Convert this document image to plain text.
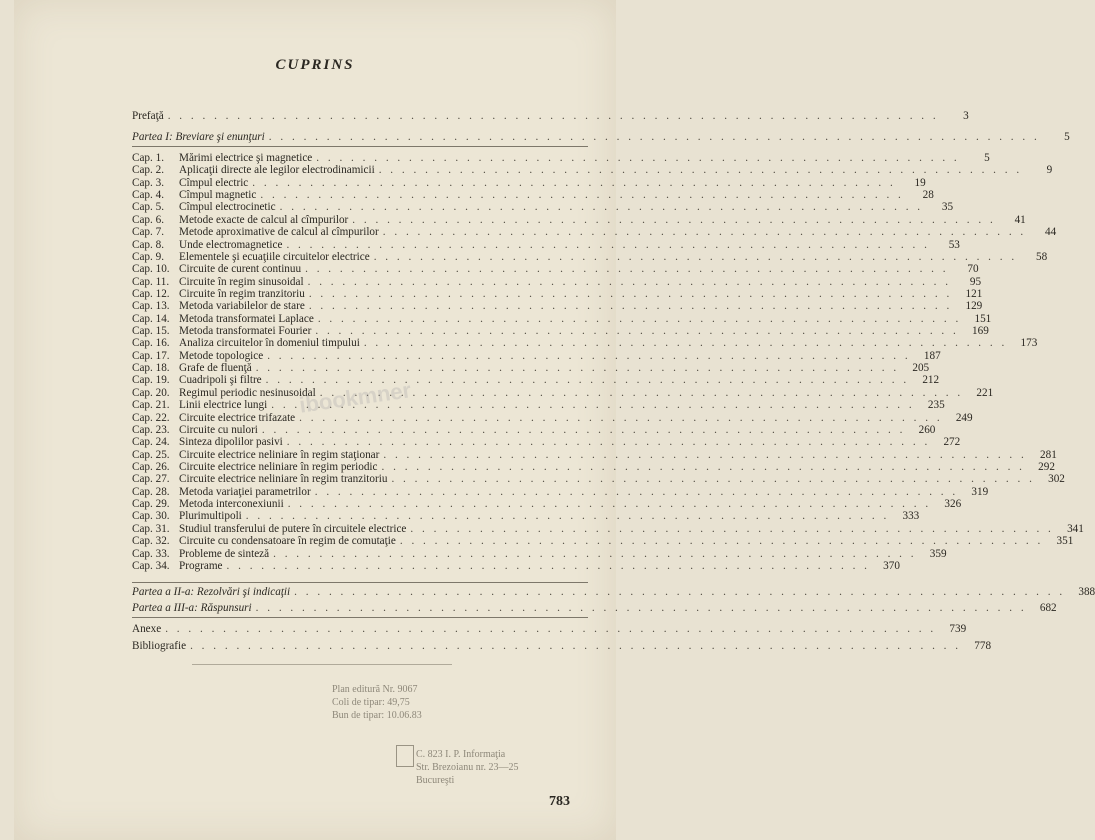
CUPRINS
Prefaţă . . .	3
Partea I: Breviare şi enunţuri . . .	5
Cap. 1.	Mărimi electrice şi magnetice . . .	5
Cap. 2.	Aplicaţii directe ale legilor electrodinamicii . . .	9
Cap. 3.	Cîmpul electric . . .	19
Cap. 4.	Cîmpul magnetic . . .	28
Cap. 5.	Cîmpul electrocinetic . . .	35
Cap. 6.	Metode exacte de calcul al cîmpurilor . . .	41
Cap. 7.	Metode aproximative de calcul al cîmpurilor . . .	44
Cap. 8.	Unde electromagnetice . . .	53
Cap. 9.	Elementele şi ecuaţiile circuitelor electrice . . .	58
Cap. 10. Circuite de curent continuu . . .	70
Cap. 11. Circuite în regim sinusoidal . . .	95
Cap. 12. Circuite în regim tranzitoriu . . .	121
Cap. 13. Metoda variabilelor de stare . . .	129
Cap. 14. Metoda transformatei Laplace . . .	151
Cap. 15. Metoda transformatei Fourier . . .	169
Cap. 16. Analiza circuitelor în domeniul timpului . . .	173
Cap. 17. Metode topologice . . .	187
Cap. 18. Grafe de fluenţă . . .	205
Cap. 19. Cuadripoli şi filtre . . .	212
Cap. 20. Regimul periodic nesinusoidal . . .	221
Cap. 21. Linii electrice lungi . . .	235
Cap. 22. Circuite electrice trifazate . . .	249
Cap. 23. Circuite cu nulori . . .	260
Cap. 24. Sinteza dipolilor pasivi . . .	272
Cap. 25. Circuite electrice neliniare în regim staţionar . . .	281
Cap. 26. Circuite electrice neliniare în regim periodic . . .	292
Cap. 27. Circuite electrice neliniare în regim tranzitoriu . . .	302
Cap. 28. Metoda variaţiei parametrilor . . .	319
Cap. 29. Metoda interconexiunii . . .	326
Cap. 30. Plurimultipoli . . .	333
Cap. 31. Studiul transferului de putere în circuitele electrice . . .	341
Cap. 32. Circuite cu condensatoare în regim de comutaţie . . .	351
Cap. 33. Probleme de sinteză . . .	359
Cap. 34. Programe . . .	370
Partea a II-a: Rezolvări şi indicaţii . . .	388
Partea a III-a: Răspunsuri . . .	682
Anexe . . .	739
Bibliografie . . .	778
Plan editură Nr. 9067
Coli de tipar: 49,75
Bun de tipar: 10.06.83
C. 823 I. P. Informaţia
Str. Brezoianu nr. 23—25
Bucureşti
ibookmner
783
